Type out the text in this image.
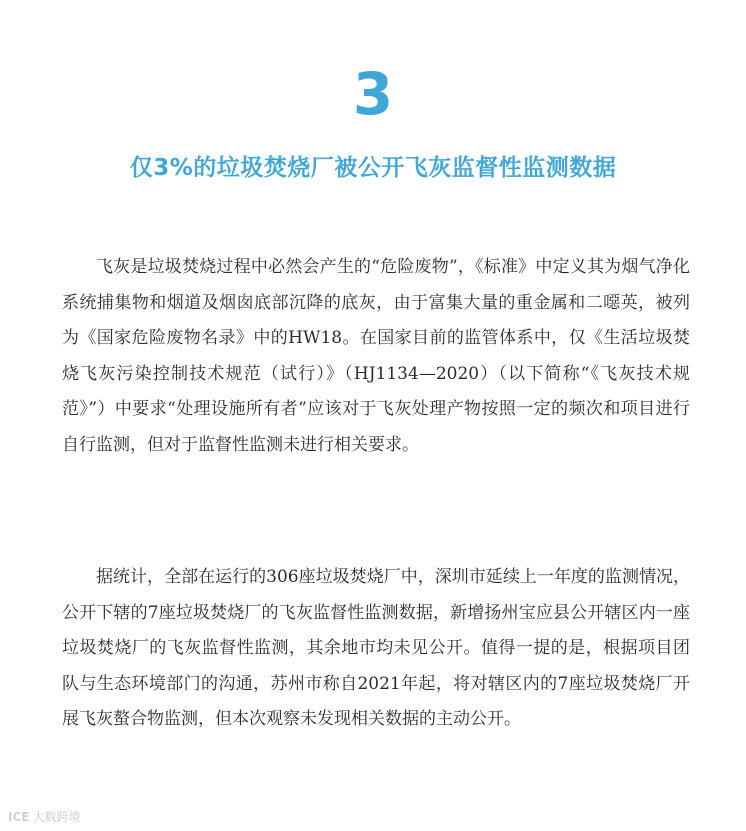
3
仅3%的垃圾焚烧厂被公开飞灰监督性监测数据

飞灰是垃圾焚烧过程中必然会产生的“危险废物”，《标准》中定义其为烟气净化系统捕集物和烟道及烟囱底部沉降的底灰，由于富集大量的重金属和二噁英，被列为《国家危险废物名录》中的HW18。在国家目前的监管体系中，仅《生活垃圾焚烧飞灰污染控制技术规范（试行）》（HJ1134—2020）（以下简称“《飞灰技术规范》”）中要求“处理设施所有者”应该对于飞灰处理产物按照一定的频次和项目进行自行监测，但对于监督性监测未进行相关要求。

据统计，全部在运行的306座垃圾焚烧厂中，深圳市延续上一年度的监测情况，公开下辖的7座垃圾焚烧厂的飞灰监督性监测数据，新增扬州宝应县公开辖区内一座垃圾焚烧厂的飞灰监督性监测，其余地市均未见公开。值得一提的是，根据项目团队与生态环境部门的沟通，苏州市称自2021年起，将对辖区内的7座垃圾焚烧厂开展飞灰螯合物监测，但本次观察未发现相关数据的主动公开。

ICE 大数跨境
